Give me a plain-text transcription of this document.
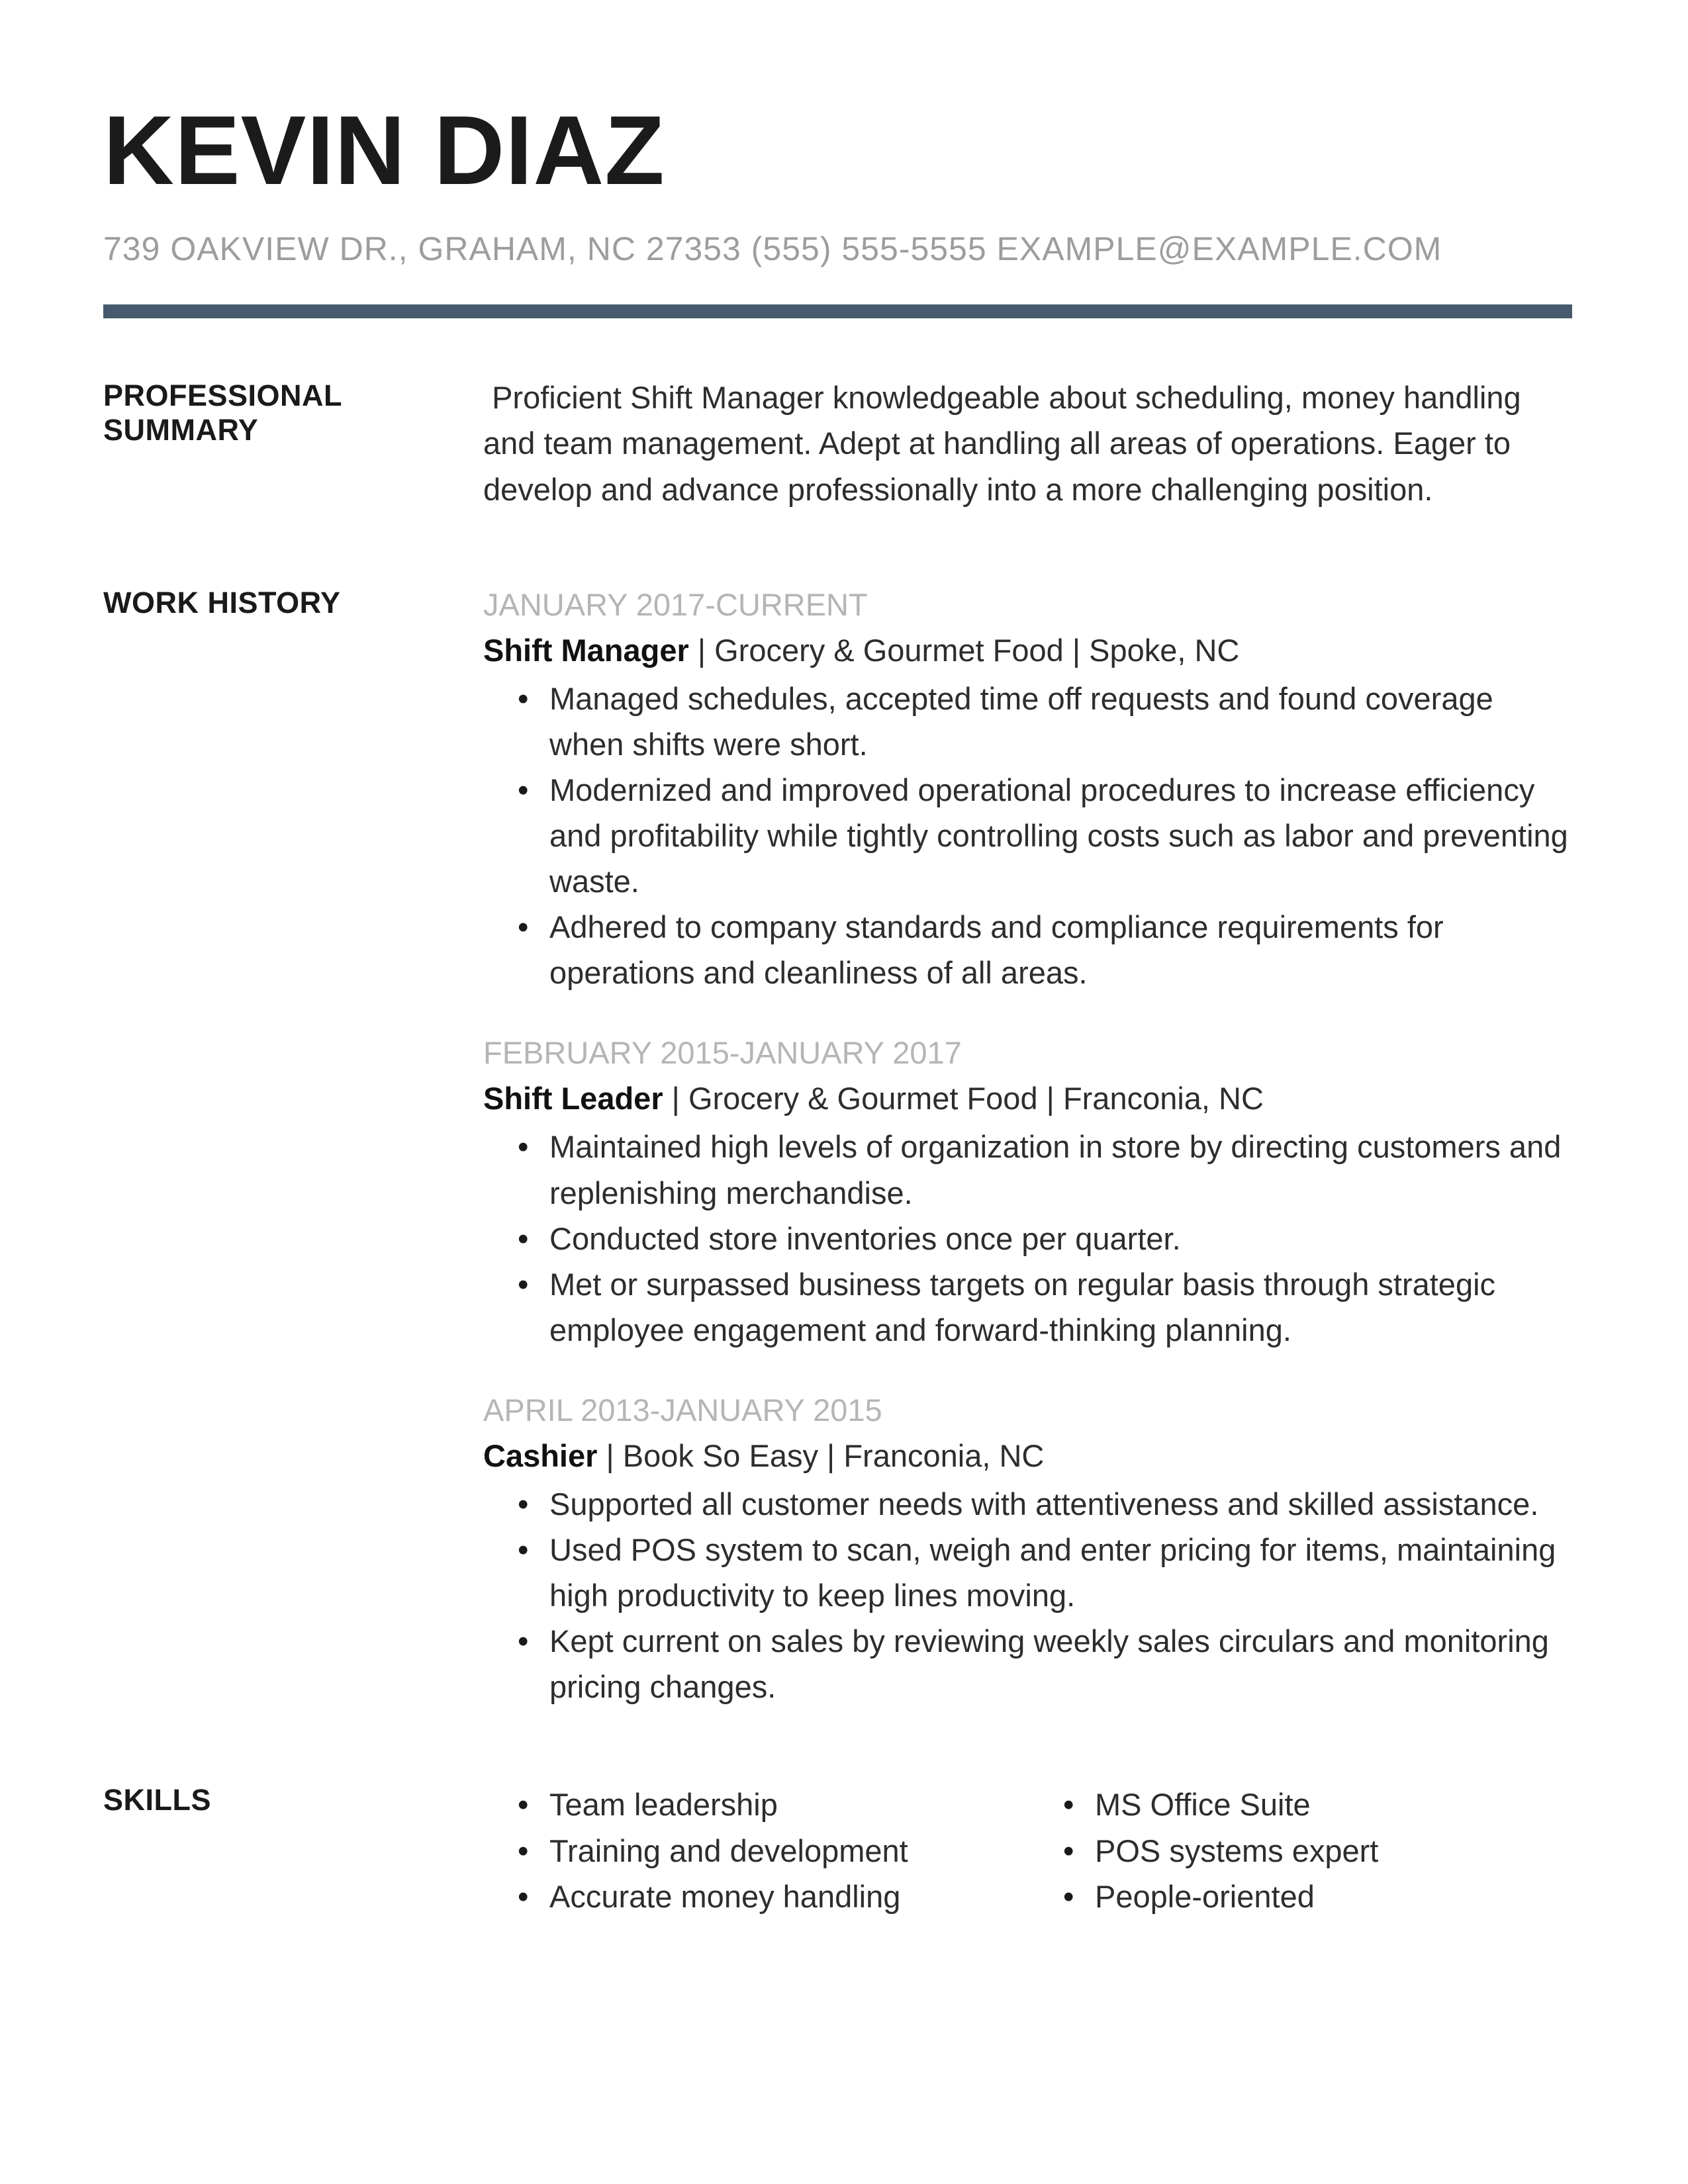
KEVIN DIAZ
739 OAKVIEW DR., GRAHAM, NC 27353 (555) 555-5555 EXAMPLE@EXAMPLE.COM
PROFESSIONAL SUMMARY
Proficient Shift Manager knowledgeable about scheduling, money handling and team management. Adept at handling all areas of operations. Eager to develop and advance professionally into a more challenging position.
WORK HISTORY	JANUARY 2017-CURRENT
Shift Manager | Grocery & Gourmet Food | Spoke, NC
• Managed schedules, accepted time off requests and found coverage when shifts were short.
• Modernized and improved operational procedures to increase efficiency and profitability while tightly controlling costs such as labor and preventing waste.
• Adhered to company standards and compliance requirements for operations and cleanliness of all areas.
FEBRUARY 2015-JANUARY 2017
Shift Leader | Grocery & Gourmet Food | Franconia, NC
• Maintained high levels of organization in store by directing customers and replenishing merchandise.
• Conducted store inventories once per quarter.
• Met or surpassed business targets on regular basis through strategic employee engagement and forward-thinking planning.
APRIL 2013-JANUARY 2015
Cashier | Book So Easy | Franconia, NC
• Supported all customer needs with attentiveness and skilled assistance.
• Used POS system to scan, weigh and enter pricing for items, maintaining high productivity to keep lines moving.
• Kept current on sales by reviewing weekly sales circulars and monitoring pricing changes.
SKILLS	• Team leadership
• Training and development
• Accurate money handling
• MS Office Suite
• POS systems expert
• People-oriented
